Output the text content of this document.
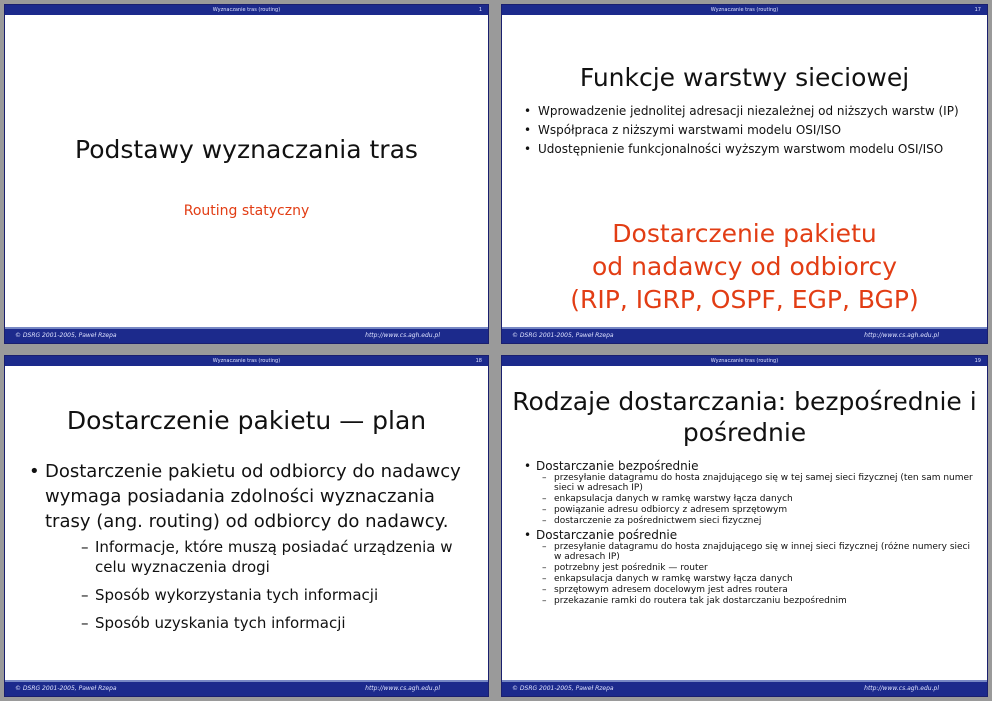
Wyznaczanie tras (routing)	1
Podstawy wyznaczania tras
Routing statyczny
© DSRG 2001-2005, Paweł Rzepa	http://www.cs.agh.edu.pl
Wyznaczanie tras (routing)	17
Funkcje warstwy sieciowej
• Wprowadzenie jednolitej adresacji niezależnej od niższych warstw (IP)
• Współpraca z niższymi warstwami modelu OSI/ISO
• Udostępnienie funkcjonalności wyższym warstwom modelu OSI/ISO
Dostarczenie pakietu
od nadawcy od odbiorcy
(RIP, IGRP, OSPF, EGP, BGP)
© DSRG 2001-2005, Paweł Rzepa	http://www.cs.agh.edu.pl
Wyznaczanie tras (routing)	18
Dostarczenie pakietu — plan
• Dostarczenie pakietu od odbiorcy do nadawcy wymaga posiadania zdolności wyznaczania trasy (ang. routing) od odbiorcy do nadawcy.
– Informacje, które muszą posiadać urządzenia w celu wyznaczenia drogi
– Sposób wykorzystania tych informacji
– Sposób uzyskania tych informacji
© DSRG 2001-2005, Paweł Rzepa	http://www.cs.agh.edu.pl
Wyznaczanie tras (routing)	19
Rodzaje dostarczania: bezpośrednie i pośrednie
• Dostarczanie bezpośrednie
– przesyłanie datagramu do hosta znajdującego się w tej samej sieci fizycznej (ten sam numer sieci w adresach IP)
– enkapsulacja danych w ramkę warstwy łącza danych
– powiązanie adresu odbiorcy z adresem sprzętowym
– dostarczenie za pośrednictwem sieci fizycznej
• Dostarczanie pośrednie
– przesyłanie datagramu do hosta znajdującego się w innej sieci fizycznej (różne numery sieci w adresach IP)
– potrzebny jest pośrednik — router
– enkapsulacja danych w ramkę warstwy łącza danych
– sprzętowym adresem docelowym jest adres routera
– przekazanie ramki do routera tak jak dostarczaniu bezpośrednim
© DSRG 2001-2005, Paweł Rzepa	http://www.cs.agh.edu.pl
